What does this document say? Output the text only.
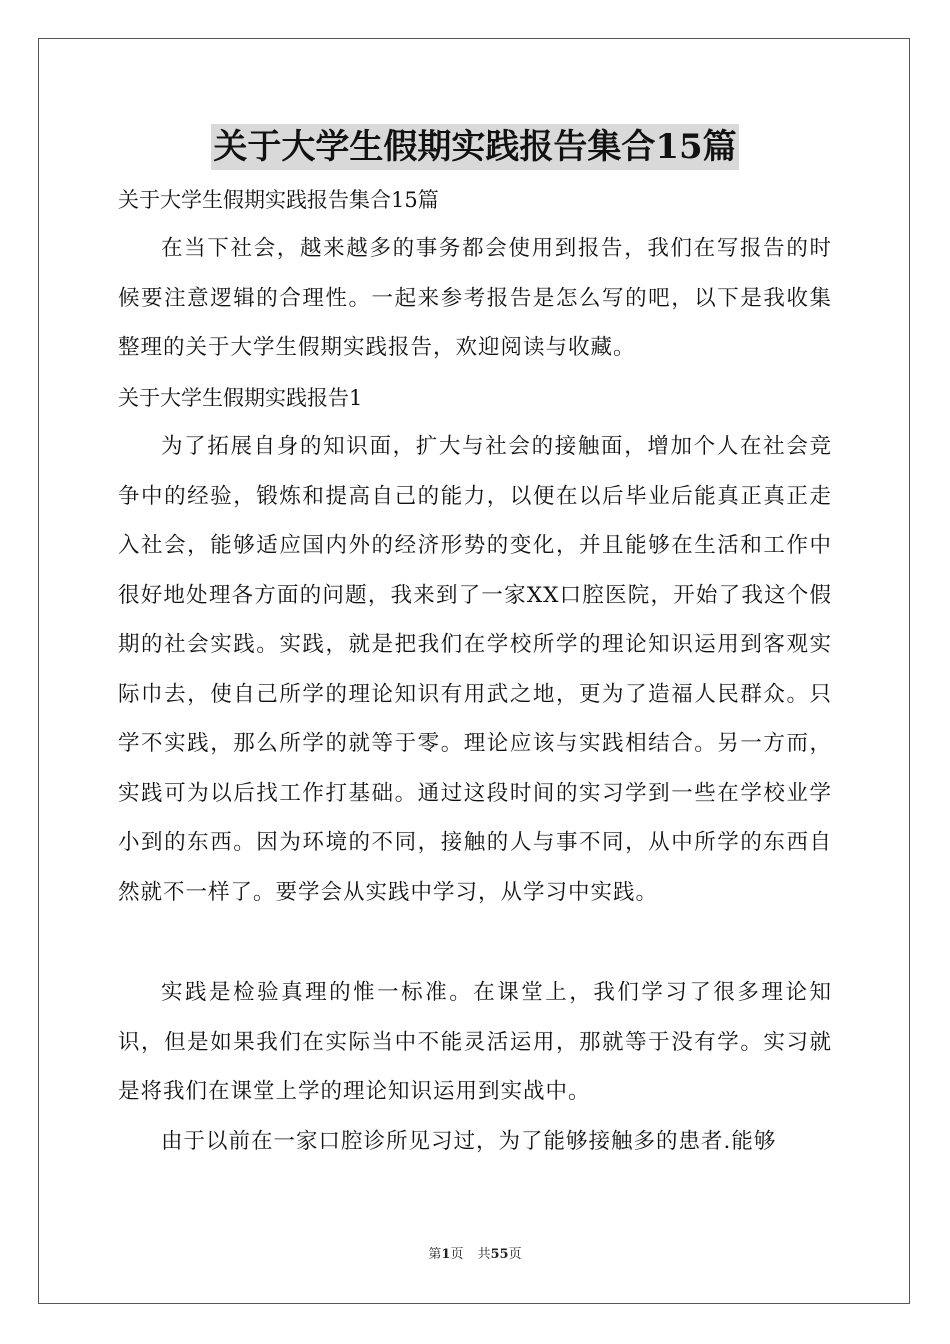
关于大学生假期实践报告集合15篇
关于大学生假期实践报告集合15篇

在当下社会，越来越多的事务都会使用到报告，我们在写报告的时候要注意逻辑的合理性。一起来参考报告是怎么写的吧，以下是我收集整理的关于大学生假期实践报告，欢迎阅读与收藏。

关于大学生假期实践报告1

为了拓展自身的知识面，扩大与社会的接触面，增加个人在社会竞争中的经验，锻炼和提高自己的能力，以便在以后毕业后能真正真正走入社会，能够适应国内外的经济形势的变化，并且能够在生活和工作中很好地处理各方面的问题，我来到了一家XX口腔医院，开始了我这个假期的社会实践。实践，就是把我们在学校所学的理论知识运用到客观实际巾去，使自己所学的理论知识有用武之地，更为了造福人民群众。只学不实践，那么所学的就等于零。理论应该与实践相结合。另一方而，实践可为以后找工作打基础。通过这段时间的实习学到一些在学校业学小到的东西。因为环境的不同，接触的人与事不同，从中所学的东西自然就不一样了。要学会从实践中学习，从学习中实践。

实践是检验真理的惟一标准。在课堂上，我们学习了很多理论知识，但是如果我们在实际当中不能灵活运用，那就等于没有学。实习就是将我们在课堂上学的理论知识运用到实战中。

由于以前在一家口腔诊所见习过，为了能够接触多的患者.能够

第1页 共55页
